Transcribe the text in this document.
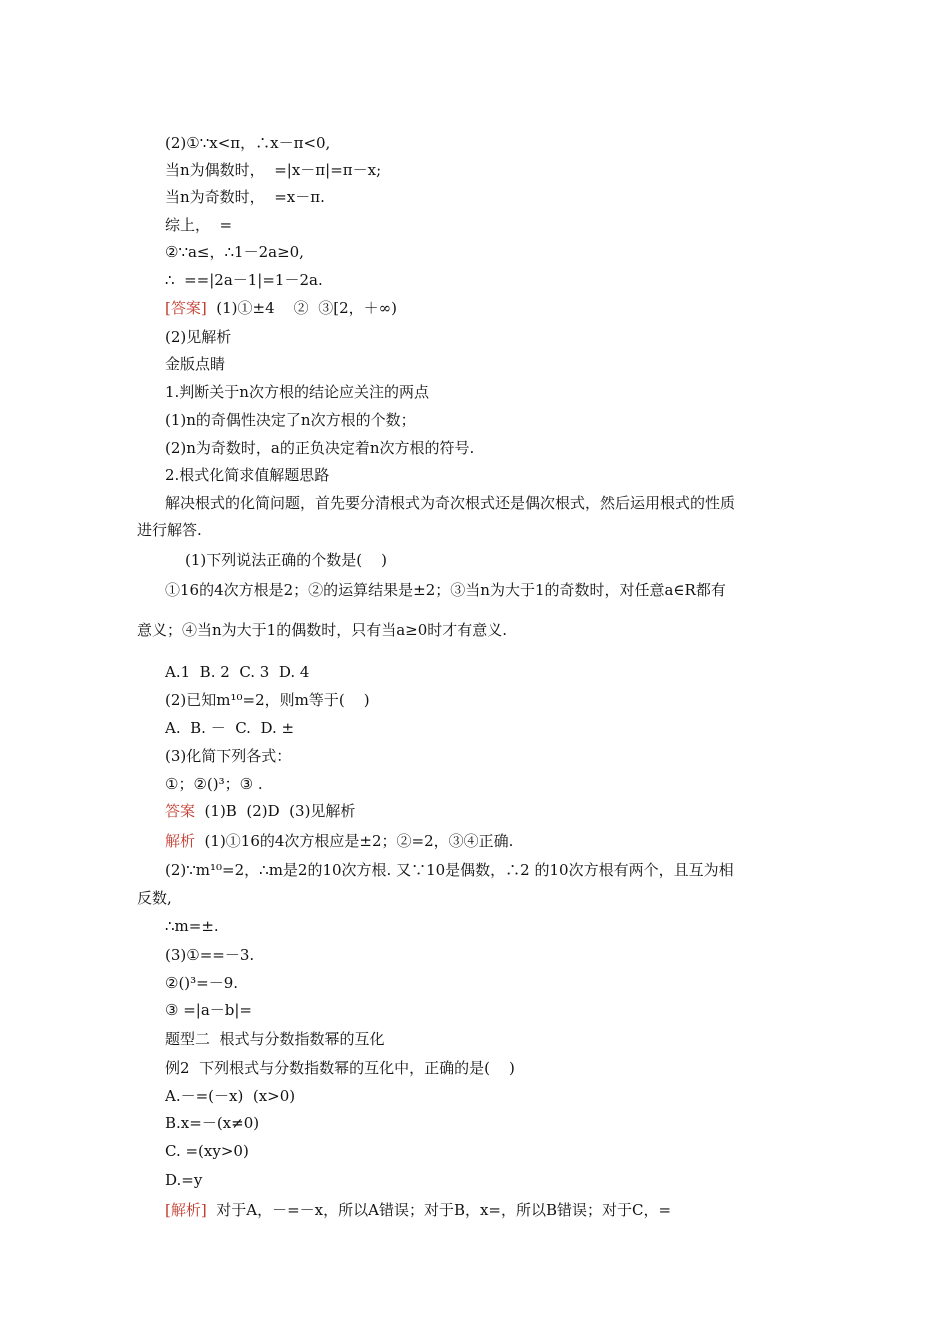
(2)①∵x<π，∴x－π<0,
当n为偶数时，  =|x－π|=π－x;
当n为奇数时，  =x－π.
综上，  =
②∵a≤，∴1－2a≥0,
∴  ==|2a－1|=1－2a.
[答案]  (1)①±4    ②  ③[2，＋∞)
(2)见解析
金版点睛
1.判断关于n次方根的结论应关注的两点
(1)n的奇偶性决定了n次方根的个数；
(2)n为奇数时，a的正负决定着n次方根的符号.
2.根式化简求值解题思路
解决根式的化简问题，首先要分清根式为奇次根式还是偶次根式，然后运用根式的性质
进行解答.
(1)下列说法正确的个数是(    )
①16的4次方根是2；②的运算结果是±2；③当n为大于1的奇数时，对任意a∈R都有
意义；④当n为大于1的偶数时，只有当a≥0时才有意义.
A.1  B. 2  C. 3  D. 4
(2)已知m¹⁰=2，则m等于(    )
A.  B. －  C.  D. ±
(3)化简下列各式：
①；②()³；③ .
答案  (1)B  (2)D  (3)见解析
解析  (1)①16的4次方根应是±2；②=2，③④正确.
(2)∵m¹⁰=2，∴m是2的10次方根. 又∵10是偶数，∴2 的10次方根有两个，且互为相
反数,
∴m=±.
(3)①==－3.
②()³=－9.
③ =|a－b|=
题型二  根式与分数指数幂的互化
例2  下列根式与分数指数幂的互化中，正确的是(    )
A.－=(－x)  (x>0)
B.x=－(x≠0)
C. =(xy>0)
D.=y
[解析]  对于A，－=－x，所以A错误；对于B，x=，所以B错误；对于C，=
